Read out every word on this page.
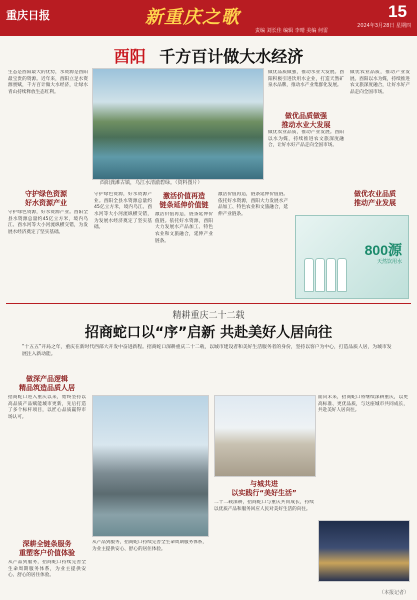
重庆日报	新重庆之歌	15
责编 刘长佳 编辑 李晴 美编 何雷
2024年3月28日 星期四
酉阳 千方百计做大水经济

生态是酉阳最大的优势，水资源是酉阳最宝贵的资源。近年来，酉阳立足水资源禀赋，千方百计做大水经济，让绿水青山持续释放生态红利。

酉阳龚滩古镇，乌江水清澈碧绿。（资料图片）
做优品质做强
推动水业大发展

做优品质做强，推动水业大发展。酉阳积极引进饮用水企业，打造天然矿泉水品牌，推动水产业集群化发展。

做优农业品质，推动产业发展。酉阳以水为媒，持续推进农文旅深度融合，让好水好产品走向全国市场。

守护绿色资源
好水资源产业

守护绿色资源，好水资源产业。酉阳全县水资源总量约45亿立方米，境内乌江、酉水河等大小河流纵横交错，为发展水经济奠定了坚实基础。

守护绿色资源，好水资源产业。酉阳全县水资源总量约45亿立方米，境内乌江、酉水河等大小河流纵横交错，为发展水经济奠定了坚实基础。

激活价值再造
链条延伸价值链

激活价值再造，链条延伸价值链。依托好水资源，酉阳大力发展水产品加工、特色农业和文旅融合，延伸产业链条。

激活价值再造，链条延伸价值链。依托好水资源，酉阳大力发展水产品加工、特色农业和文旅融合，延伸产业链条。

做优农业品质，推动产业发展。酉阳以水为媒，持续推进农文旅深度融合，让好水好产品走向全国市场。

做优农业品质
推动产业发展
800源
天然饮用水
精耕重庆二十二载
招商蛇口以“序”启新 共赴美好人居向往
“十五五”开局之年，重庆在新时代西部大开发中奋进新程。招商蛇口深耕重庆二十二载，以城市建设者和美好生活服务者的身份，坚持以客户为中心，打造品质人居，为城市发展注入新动能。
做深产品逻辑
精品筑造品质人居

招商蛇口进入重庆以来，始终坚持以高品质产品赋能城市更新，先后打造了多个标杆项目，以匠心品质赢得市场认可。

深耕全链条服务
重塑客户价值体验

从产品到服务，招商蛇口持续完善全生命周期服务体系，为业主提供安心、舒心的居住体验。

从产品到服务，招商蛇口持续完善全生命周期服务体系，为业主提供安心、舒心的居住体验。

与城共进
以实践行“美好生活”

二十二载深耕，招商蛇口与重庆共同成长，持续以优质产品和服务回应人民对美好生活的向往。

面向未来，招商蛇口将继续深耕重庆，以更高标准、更优品质，与这座城市共同成长，共赴美好人居向往。

（本报记者）
